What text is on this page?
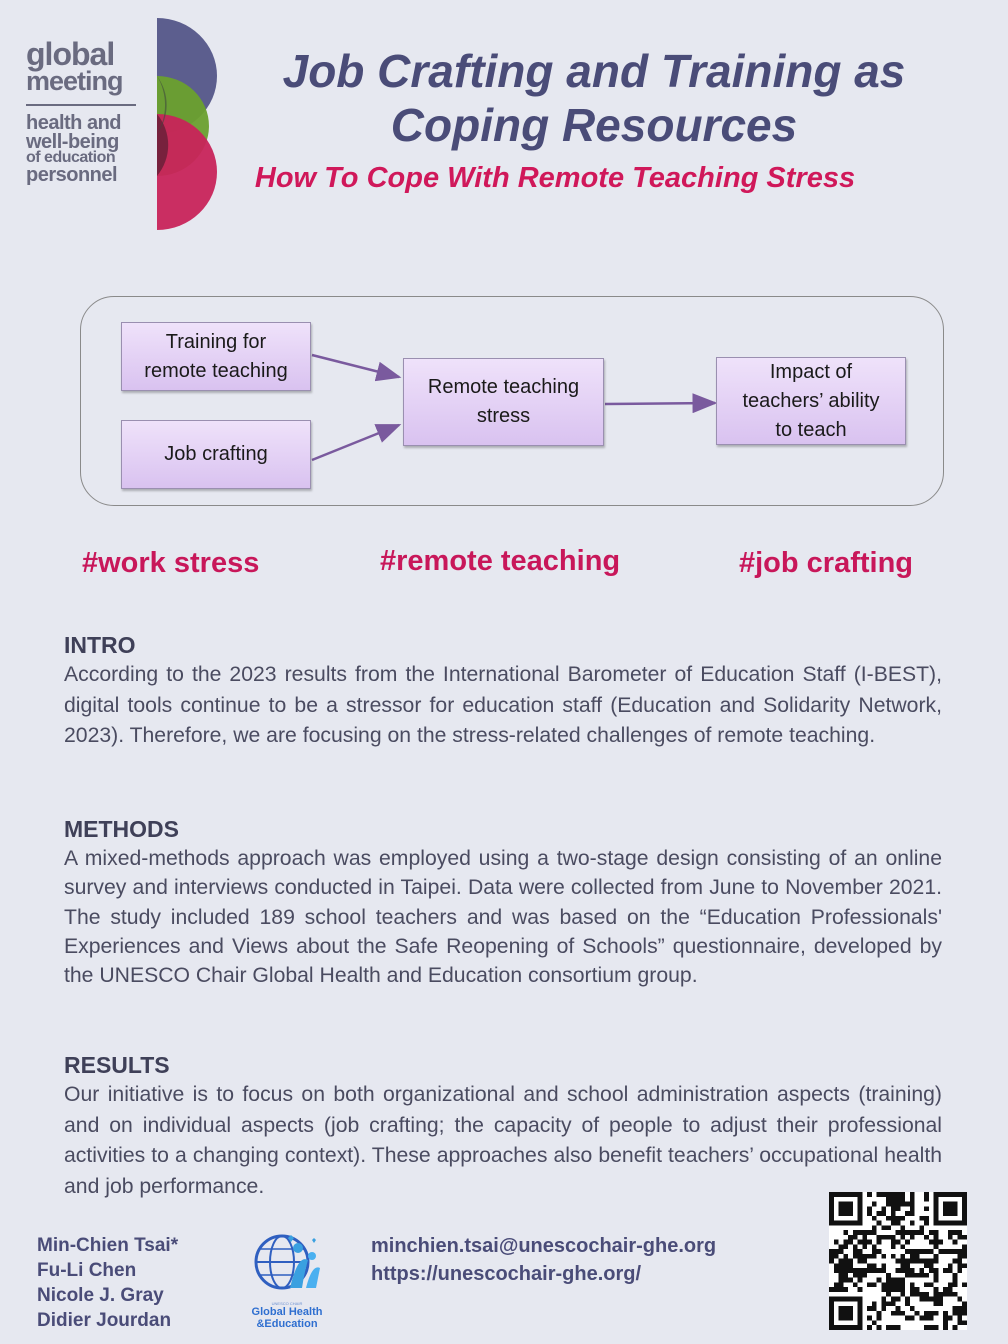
global
meeting
health and
well-being
of education
personnel
Job Crafting and Training as
Coping Resources
How To Cope With Remote Teaching Stress
Training for
remote teaching
Job crafting
Remote teaching
stress
Impact of
teachers’ ability
to teach
#work stress	#remote teaching	#job crafting
INTRO

According to the 2023 results from the International Barometer of Education Staff (I-BEST), digital tools continue to be a stressor for education staff (Education and Solidarity Network, 2023). Therefore, we are focusing on the stress-related challenges of remote teaching.

METHODS

A mixed-methods approach was employed using a two-stage design consisting of an online survey and interviews conducted in Taipei. Data were collected from June to November 2021. The study included 189 school teachers and was based on the “Education Professionals' Experiences and Views about the Safe Reopening of Schools” questionnaire, developed by the UNESCO Chair Global Health and Education consortium group.

RESULTS

Our initiative is to focus on both organizational and school administration aspects (training) and on individual aspects (job crafting; the capacity of people to adjust their professional activities to a changing context). These approaches also benefit teachers’ occupational health and job performance.

Min-Chien Tsai*
Fu-Li Chen
Nicole J. Gray
Didier Jourdan
UNESCO CHAIR
Global Health
&Education
minchien.tsai@unescochair-ghe.org
https://unescochair-ghe.org/
